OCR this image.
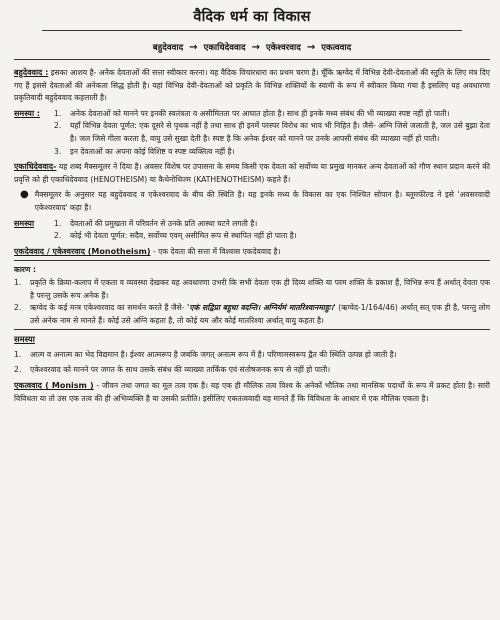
वैदिक धर्म का विकास
बहुदेववाद → एकाधिदेववाद → एकेश्वरवाद → एकत्ववाद

बहुदेववाद : इसका आशय है- अनेक देवताओं की सत्ता स्वीकार करना। यह वैदिक विचारधारा का प्रथम चरण है। चूँकि ऋग्वेद में विभिन्न देवी-देवताओं की स्तुति के लिए मंत्र दिए गए हैं इससे देवताओं की अनेकता सिद्ध होती है। यहां विभिन्न देवी-देवताओं को प्रकृति के विभिन्न शक्तियों के स्वामी के रूप में स्वीकार किया गया है इसलिए यह अवधारणा प्रकृतिवादी बहुदेववाद कहलाती है।

समस्या :	1.	अनेक देवताओं को मानने पर इनकी स्वतंत्रता व असीमितता पर आघात होता है। साथ ही इनके मध्य संबंध की भी व्याख्या स्पष्ट नहीं हो पाती।
2.	यहाँ विभिन्न देवता पूर्णत: एक दूसरे से पृथक नहीं है तथा साथ ही इनमें परस्पर विरोध का भाव भी निहित है। जैसे- अग्नि जिसे जलाती है, जल उसे बुझा देता है। जल जिसे गीला करता है, वायु उसे सुखा देती है। स्पष्ट है कि अनेक ईश्वर को मानने पर उनके आपसी संबंध की व्याख्या नहीं हो पाती।
3.	इन देवताओं का अपना कोई विशिष्ट व स्पष्ट व्यक्तित्व नहीं है।

एकाधिदेववाद- यह शब्द मैक्समूलर ने दिया है। अवसर विशेष पर उपासना के समय किसी एक देवता को सर्वोच्च या प्रमुख मानकर अन्य देवताओं को गौण स्थान प्रदान करने की प्रवृत्ति को ही एकाधिदेववाद (HENOTHEISM) या कैथेनोथिज्म (KATHENOTHEISM) कहते हैं।

● मैक्समूलर के अनुसार यह बहुदेववाद व एकेश्वरवाद के बीच की स्थिति है। यह इनके मध्य के विकास का एक निश्चित सोपान है। ब्लूमफील्ड ने इसे 'अवसरवादी एकेश्वरवाद' कहा है।

समस्या	1.	देवताओं की प्रमुखता में परिवर्तन से उनके प्रति आस्था घटने लगती है।
2.	कोई भी देवता पूर्णत: सदैव, सर्वोच्च एवम् असीमित रूप से स्थापित नहीं हो पाता है।

एकदेववाद / एकेश्वरवाद (Monotheism) - एक देवता की सत्ता में विश्वास एकदेववाद है।

कारण :

1.	प्रकृति के क्रिया-कलाप में एकता व व्यवस्था देखकर यह अवधारणा उभरी कि सभी देवता एक ही दिव्य शक्ति या परम शक्ति के प्रकाश हैं, विभिन्न रूप हैं अर्थात् देवता एक है परन्तु उसके रूप अनेक हैं।
2.	ऋग्वेद के कई मन्त्र एकेश्वरवाद का समर्थन करते हैं जैसे- 'एकं सद्विप्रा बहुधा वदन्ति। अग्निर्यमं मातरिश्वानमाहुः।' (ऋग्वेद-1/164/46) अर्थात् सत् एक ही है, परन्तु लोग उसे अनेक नाम से मानते हैं। कोई उसे अग्नि कहता है, तो कोई यम और कोई मातरिश्वा अर्थात् वायु कहता है।

समस्या

1.	आत्म व अनात्म का भेद विद्यमान है। ईश्वर आत्मरूप है जबकि जगत् अनात्म रूप में है। परिणामस्वरूप द्वैत की स्थिति उत्पन्न हो जाती है।
2.	एकेश्वरवाद को मानने पर जगत के साथ उसके संबंध की व्याख्या तार्किक एवं संतोषजनक रूप से नहीं हो पाती।

एकत्ववाद ( Monism ) - जीवन तथा जगत का मूल तत्व एक है। यह एक ही मौलिक तत्व विश्व के अनेकों भौतिक तथा मानसिक पदार्थों के रूप में प्रकट होता है। सारी विविधता या तो उस एक तत्व की ही अभिव्यक्ति है या उसकी प्रतीति। इसीलिए एकतत्ववादी यह मानते हैं कि विविधता के आधार में एक मौलिक एकता है।
